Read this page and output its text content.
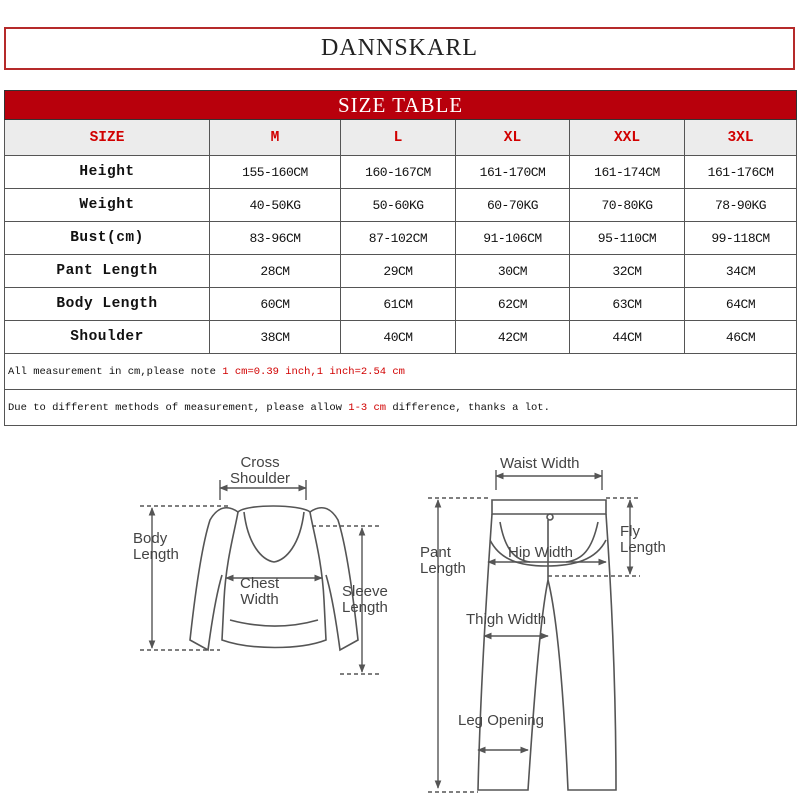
DANNSKARL
SIZE TABLE					
SIZE	M	L	XL	XXL	3XL
Height	155-160CM	160-167CM	161-170CM	161-174CM	161-176CM
Weight	40-50KG	50-60KG	60-70KG	70-80KG	78-90KG
Bust(cm)	83-96CM	87-102CM	91-106CM	95-110CM	99-118CM
Pant Length	28CM	29CM	30CM	32CM	34CM
Body Length	60CM	61CM	62CM	63CM	64CM
Shoulder	38CM	40CM	42CM	44CM	46CM
All measurement in cm,please note 1 cm=0.39 inch,1 inch=2.54 cm					
Due to different methods of measurement, please allow 1-3 cm difference, thanks a lot.					
Cross
Shoulder
Body
Length
Chest
Width	Sleeve
Length
Waist Width
Pant
Length
Hip Width
Fly
Length
Thigh Width
Leg Opening
